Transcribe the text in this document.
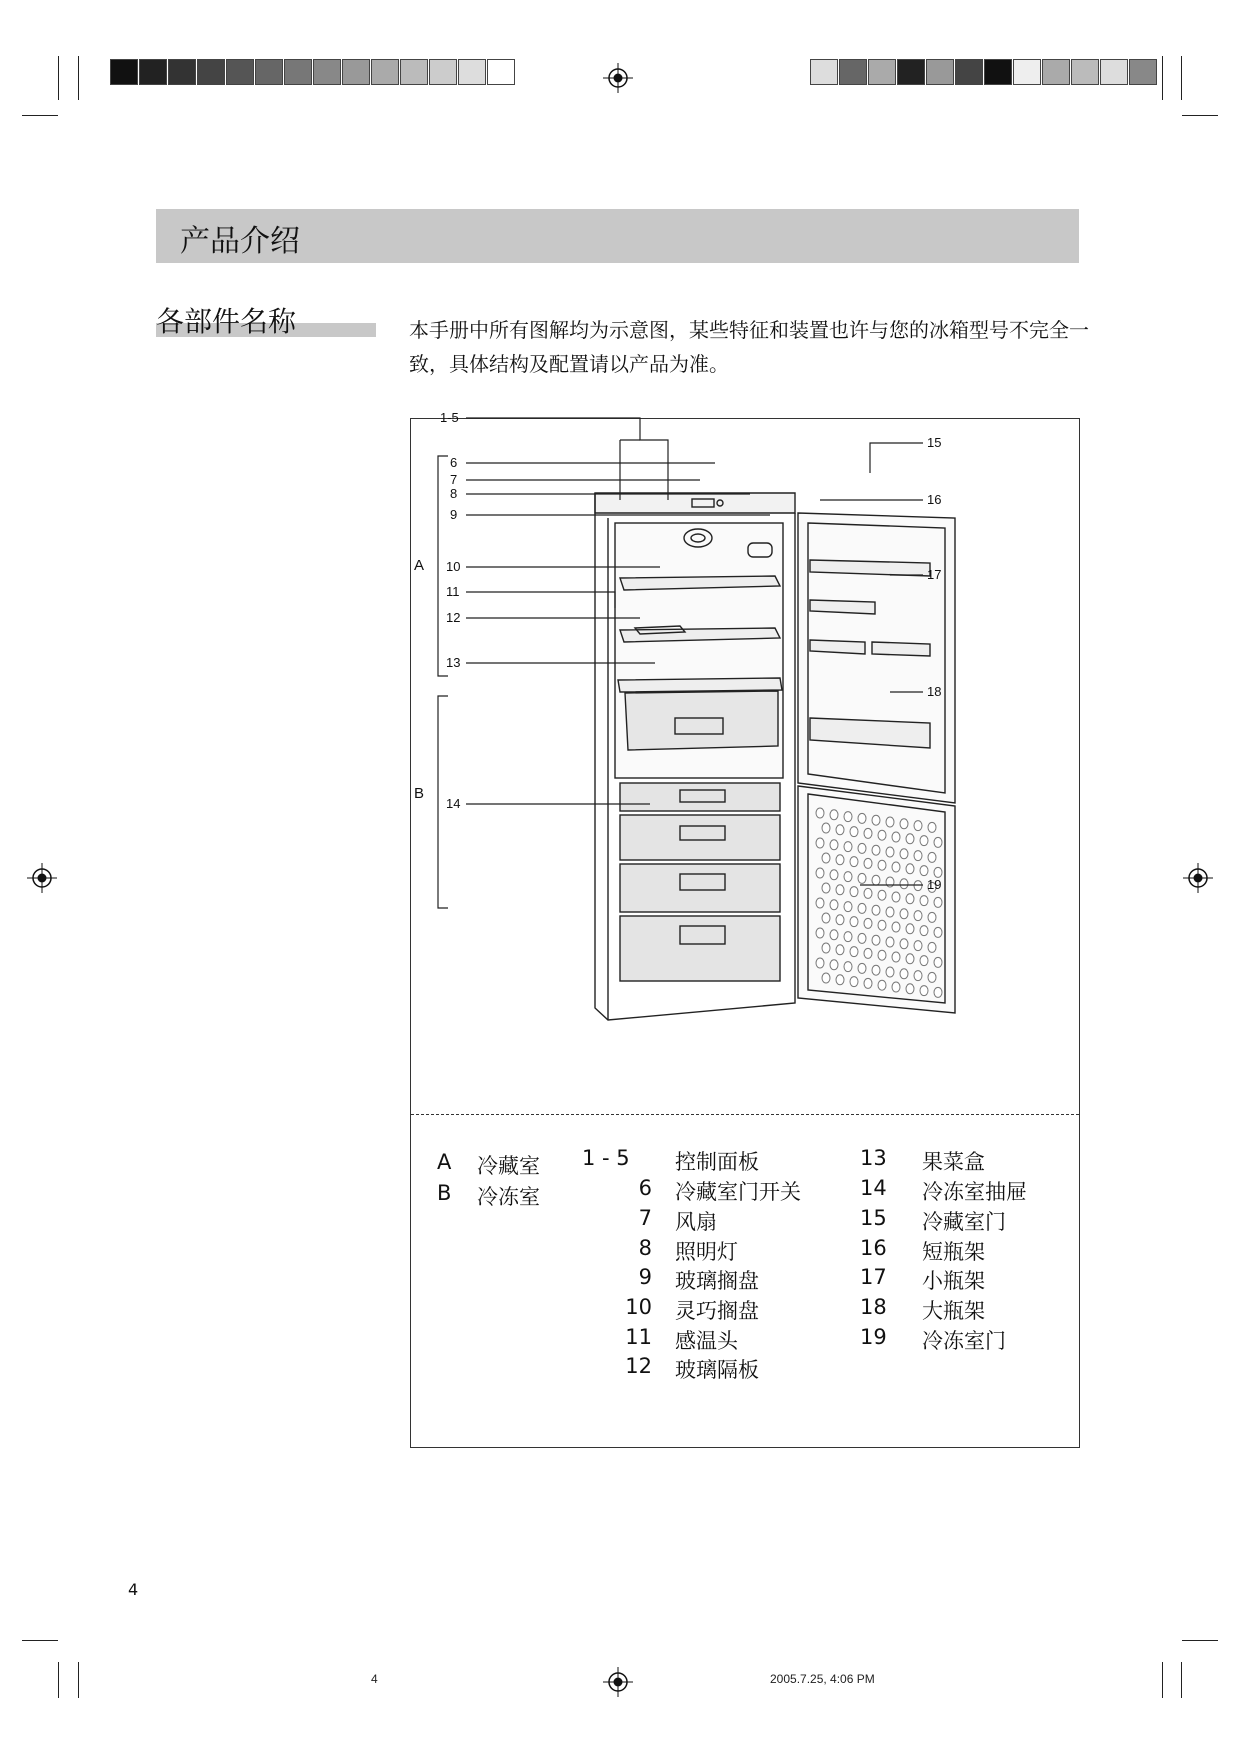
产品介绍
各部件名称	本手册中所有图解均为示意图，某些特征和装置也许与您的冰箱型号不完全一致，具体结构及配置请以产品为准。
1-5
6
7
8
9
10
11
12
13
14
15
16
17
18
19
A
B
A 冷藏室
B 冷冻室
1 - 5	控制面板
6 冷藏室门开关
7 风扇
8 照明灯
9 玻璃搁盘
10 灵巧搁盘
11 感温头
12 玻璃隔板
13	果菜盒
14	冷冻室抽屉
15	冷藏室门
16	短瓶架
17	小瓶架
18	大瓶架
19	冷冻室门
4
4	2005.7.25, 4:06 PM
